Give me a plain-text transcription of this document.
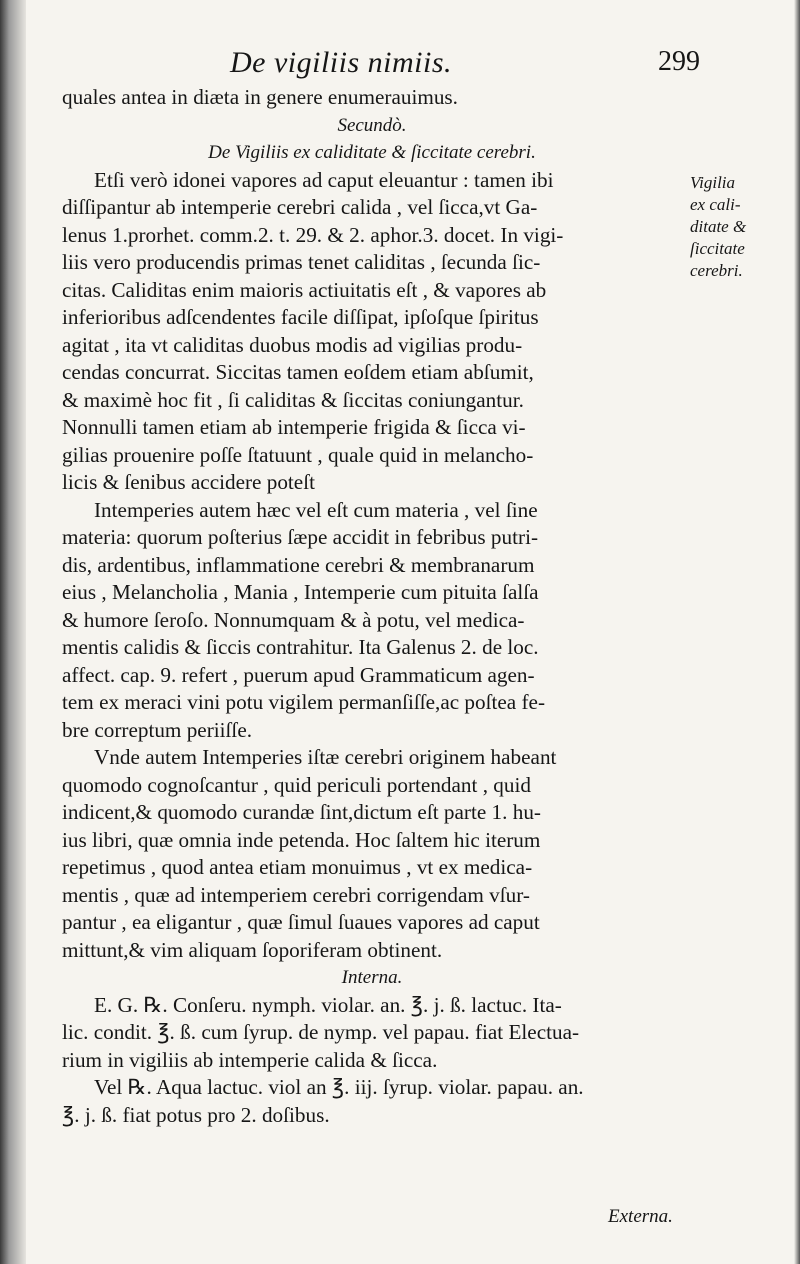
De vigiliis nimiis.	299
quales antea in diæta in genere enumerauimus.
Secundò.
De Vigiliis ex caliditate & ſiccitate cerebri.
Etſi verò idonei vapores ad caput eleuantur : tamen ibi
diſſipantur ab intemperie cerebri calida , vel ſicca,vt Ga-
lenus 1.prorhet. comm.2. t. 29. & 2. aphor.3. docet. In vigi-
liis vero producendis primas tenet caliditas , ſecunda ſic-
citas. Caliditas enim maioris actiuitatis eſt , & vapores ab
inferioribus adſcendentes facile diſſipat, ipſoſque ſpiritus
agitat , ita vt caliditas duobus modis ad vigilias produ-
cendas concurrat. Siccitas tamen eoſdem etiam abſumit,
& maximè hoc fit , ſi caliditas & ſiccitas coniungantur.
Nonnulli tamen etiam ab intemperie frigida & ſicca vi-
gilias prouenire poſſe ſtatuunt , quale quid in melancho-
licis & ſenibus accidere poteſt
Intemperies autem hæc vel eſt cum materia , vel ſine
materia: quorum poſterius ſæpe accidit in febribus putri-
dis, ardentibus, inflammatione cerebri & membranarum
eius , Melancholia , Mania , Intemperie cum pituita ſalſa
& humore ſeroſo. Nonnumquam & à potu, vel medica-
mentis calidis & ſiccis contrahitur. Ita Galenus 2. de loc.
affect. cap. 9. refert , puerum apud Grammaticum agen-
tem ex meraci vini potu vigilem permanſiſſe,ac poſtea fe-
bre correptum periiſſe.
Vnde autem Intemperies iſtæ cerebri originem habeant
quomodo cognoſcantur , quid periculi portendant , quid
indicent,& quomodo curandæ ſint,dictum eſt parte 1. hu-
ius libri, quæ omnia inde petenda. Hoc ſaltem hic iterum
repetimus , quod antea etiam monuimus , vt ex medica-
mentis , quæ ad intemperiem cerebri corrigendam vſur-
pantur , ea eligantur , quæ ſimul ſuaues vapores ad caput
mittunt,& vim aliquam ſoporiferam obtinent.
Interna.
E. G. ℞. Conſeru. nymph. violar. an. ℥. j. ß. lactuc. Ita-
lic. condit. ℥. ß. cum ſyrup. de nymp. vel papau. fiat Electua-
rium in vigiliis ab intemperie calida & ſicca.
Vel ℞. Aqua lactuc. viol an ℥. iij. ſyrup. violar. papau. an.
℥. j. ß. fiat potus pro 2. doſibus.
Vigilia
ex cali-
ditate &
ſiccitate
cerebri.
Externa.
